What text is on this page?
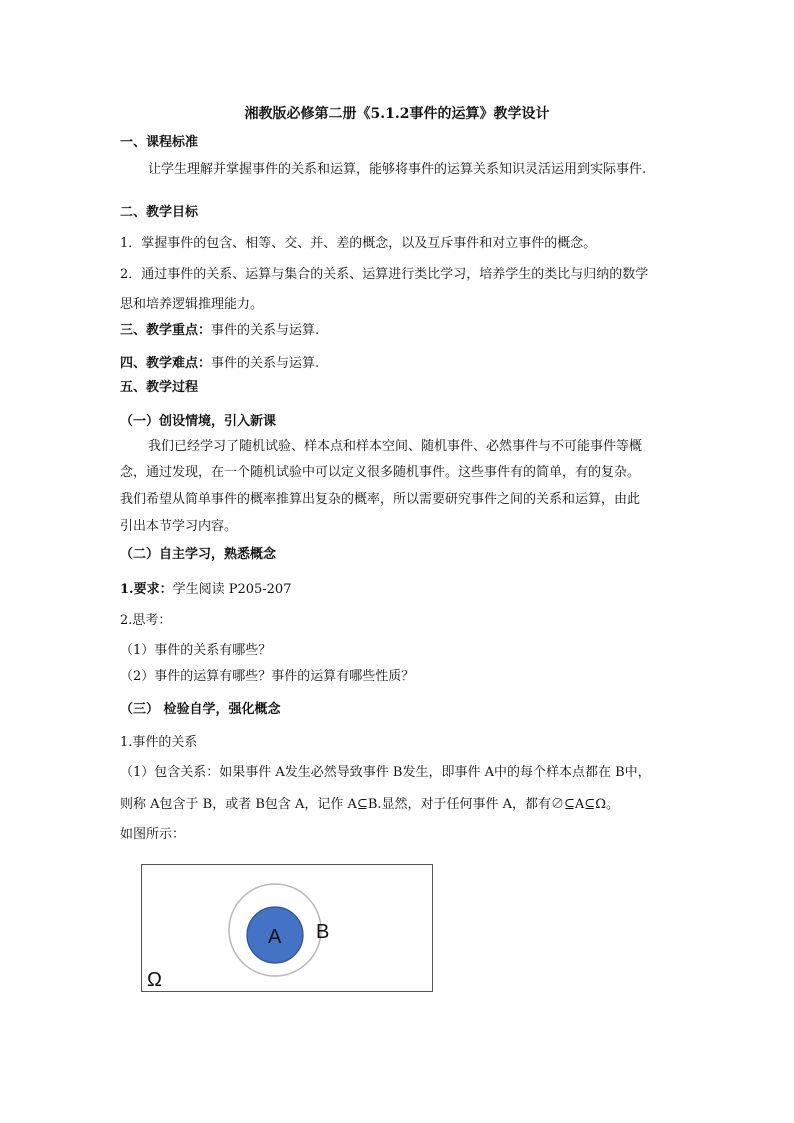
湘教版必修第二册《5.1.2事件的运算》教学设计
一、课程标准
让学生理解并掌握事件的关系和运算，能够将事件的运算关系知识灵活运用到实际事件.
二、教学目标
1．掌握事件的包含、相等、交、并、差的概念，以及互斥事件和对立事件的概念。
2．通过事件的关系、运算与集合的关系、运算进行类比学习，培养学生的类比与归纳的数学
思和培养逻辑推理能力。
三、教学重点：事件的关系与运算.
四、教学难点：事件的关系与运算.
五、教学过程
（一）创设情境，引入新课
我们已经学习了随机试验、样本点和样本空间、随机事件、必然事件与不可能事件等概
念，通过发现，在一个随机试验中可以定义很多随机事件。这些事件有的简单，有的复杂。
我们希望从简单事件的概率推算出复杂的概率，所以需要研究事件之间的关系和运算，由此
引出本节学习内容。
（二）自主学习，熟悉概念
1.要求：学生阅读 P205-207
2.思考：
（1）事件的关系有哪些？
（2）事件的运算有哪些？事件的运算有哪些性质？
（三） 检验自学，强化概念
1.事件的关系
（1）包含关系：如果事件 A发生必然导致事件 B发生，即事件 A中的每个样本点都在 B中，
则称 A包含于 B，或者 B包含 A，记作 A⊆B.显然，对于任何事件 A，都有∅⊆A⊆Ω。
如图所示：
A B
Ω
